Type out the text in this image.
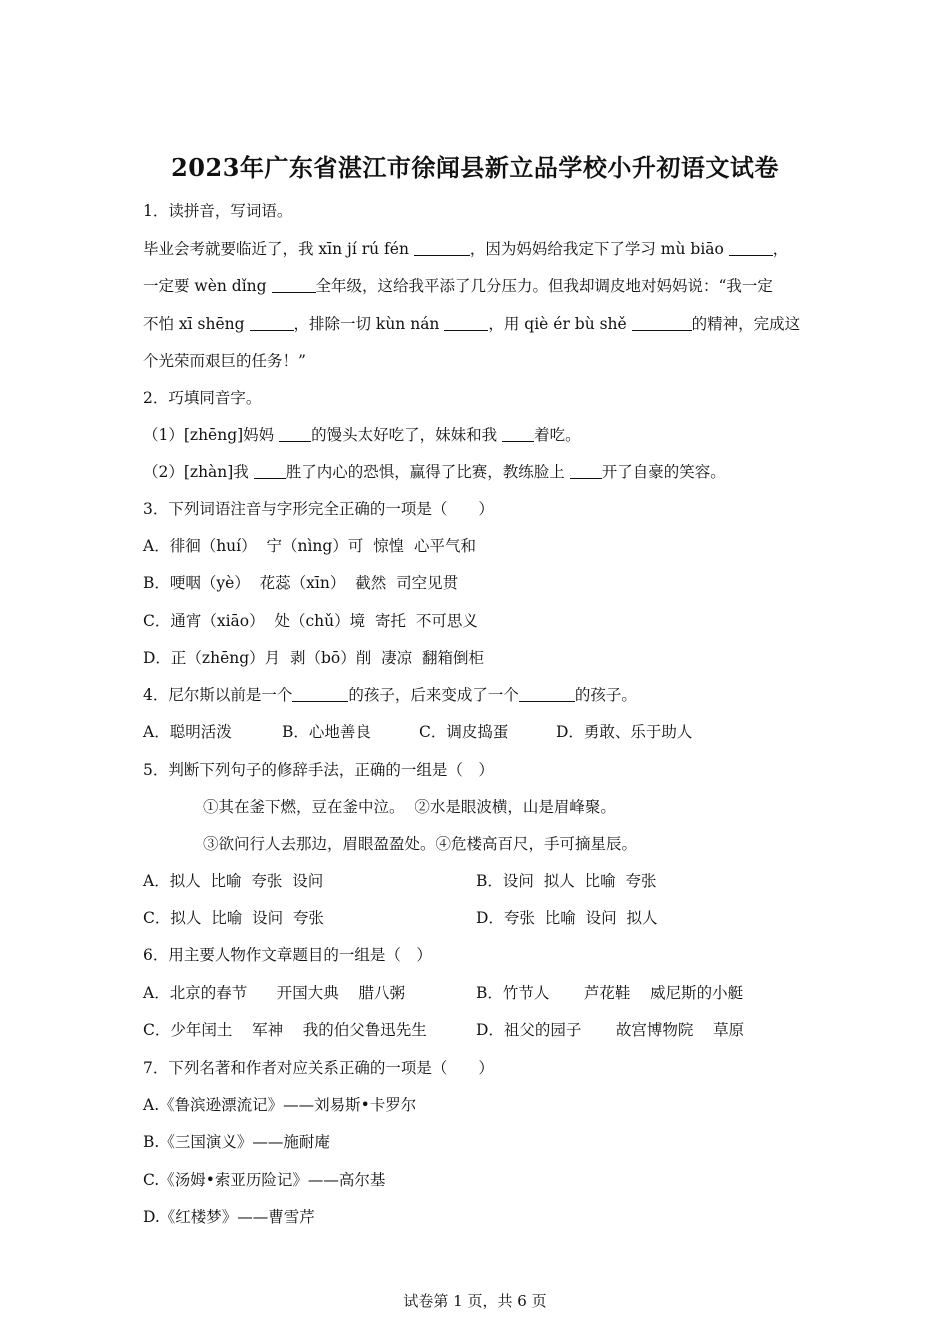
2023年广东省湛江市徐闻县新立品学校小升初语文试卷
1．读拼音，写词语。
毕业会考就要临近了，我 xīn jí rú fén	，因为妈妈给我定下了学习 mù biāo	，
一定要 wèn dǐng	全年级，这给我平添了几分压力。但我却调皮地对妈妈说：“我一定
不怕 xī shēng	，排除一切 kùn nán	，用 qiè ér bù shě	的精神，完成这
个光荣而艰巨的任务！”
2．巧填同音字。
（1）[zhēng]妈妈 的馒头太好吃了，妹妹和我 着吃。
（2）[zhàn]我 胜了内心的恐惧，赢得了比赛，教练脸上 开了自豪的笑容。
3．下列词语注音与字形完全正确的一项是（　　）
A．徘徊（huí）  宁（nìng）可  惊惶  心平气和
B．哽咽（yè）  花蕊（xīn）  截然  司空见贯
C．通宵（xiāo）  处（chǔ）境  寄托  不可思义
D．正（zhēng）月  剥（bō）削  凄凉  翻箱倒柜
4．尼尔斯以前是一个	的孩子，后来变成了一个	的孩子。
A．聪明活泼	B．心地善良	C．调皮捣蛋	D．勇敢、乐于助人
5．判断下列句子的修辞手法，正确的一组是（　）
①其在釜下燃，豆在釜中泣。  ②水是眼波横，山是眉峰聚。
③欲问行人去那边，眉眼盈盈处。④危楼高百尺，手可摘星辰。
A．拟人  比喻  夸张  设问	B．设问  拟人  比喻  夸张
C．拟人  比喻  设问  夸张	D．夸张  比喻  设问  拟人
6．用主要人物作文章题目的一组是（　）
A．北京的春节      开国大典    腊八粥	B．竹节人       芦花鞋    威尼斯的小艇
C．少年闰土    军神    我的伯父鲁迅先生	D．祖父的园子       故宫博物院    草原
7．下列名著和作者对应关系正确的一项是（　　）
A.《鲁滨逊漂流记》——刘易斯•卡罗尔
B.《三国演义》——施耐庵
C.《汤姆•索亚历险记》——高尔基
D.《红楼梦》——曹雪芹
试卷第 1 页，共 6 页
